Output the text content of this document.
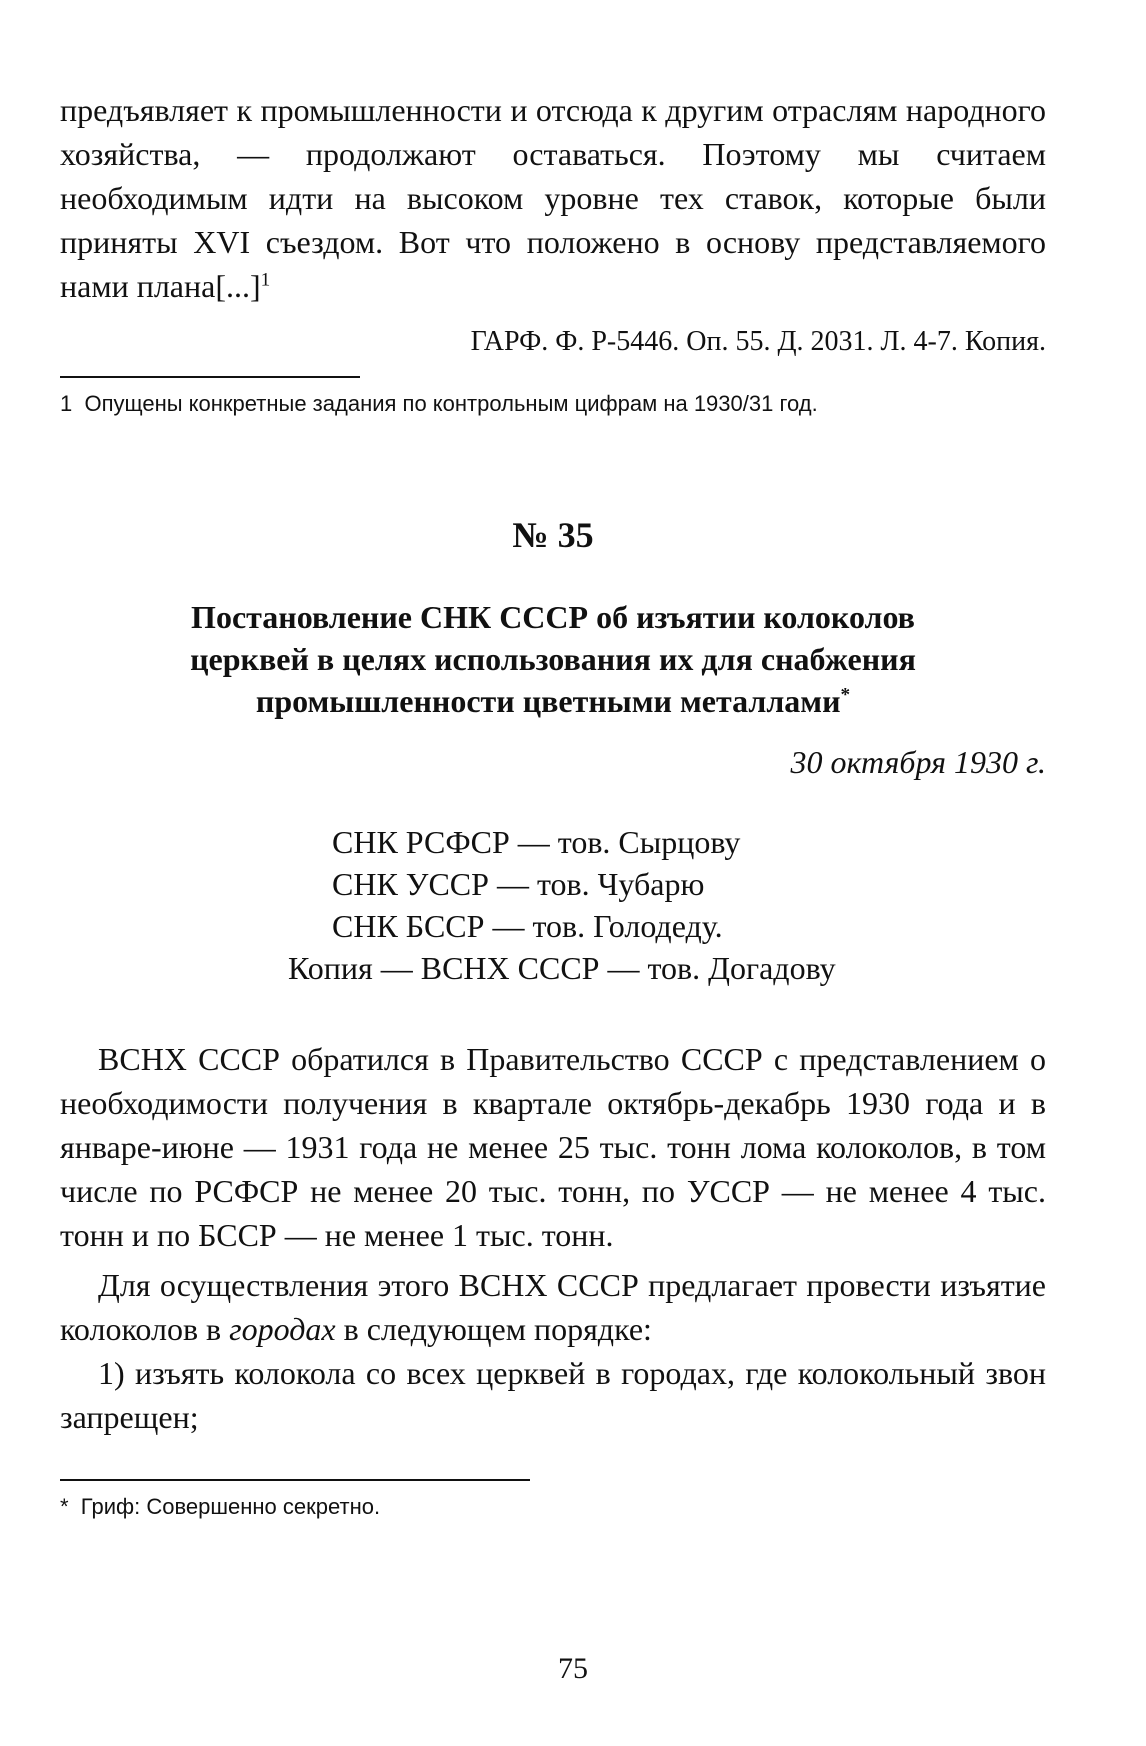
предъявляет к промышленности и отсюда к другим отраслям народного хозяйства, — продолжают оставаться. Поэтому мы считаем необходимым идти на высоком уровне тех ставок, которые были приняты XVI съездом. Вот что положено в основу представляемого нами плана[...]$^1$

ГАРФ. Ф. Р-5446. Оп. 55. Д. 2031. Л. 4-7. Копия.

1 Опущены конкретные задания по контрольным цифрам на 1930/31 год.

№ 35
Постановление СНК СССР об изъятии колоколов
церквей в целях использования их для снабжения
промышленности цветными металлами*
30 октября 1930 г.
СНК РСФСР — тов. Сырцову
СНК УССР — тов. Чубарю
СНК БССР — тов. Голодеду.
Копия — ВСНХ СССР — тов. Догадову

ВСНХ СССР обратился в Правительство СССР с представлением о необходимости получения в квартале октябрь-декабрь 1930 года и в январе-июне — 1931 года не менее 25 тыс. тонн лома колоколов, в том числе по РСФСР не менее 20 тыс. тонн, по УССР — не менее 4 тыс. тонн и по БССР — не менее 1 тыс. тонн.

Для осуществления этого ВСНХ СССР предлагает провести изъятие колоколов в городах в следующем порядке:

1) изъять колокола со всех церквей в городах, где колокольный звон запрещен;

* Гриф: Совершенно секретно.

75
